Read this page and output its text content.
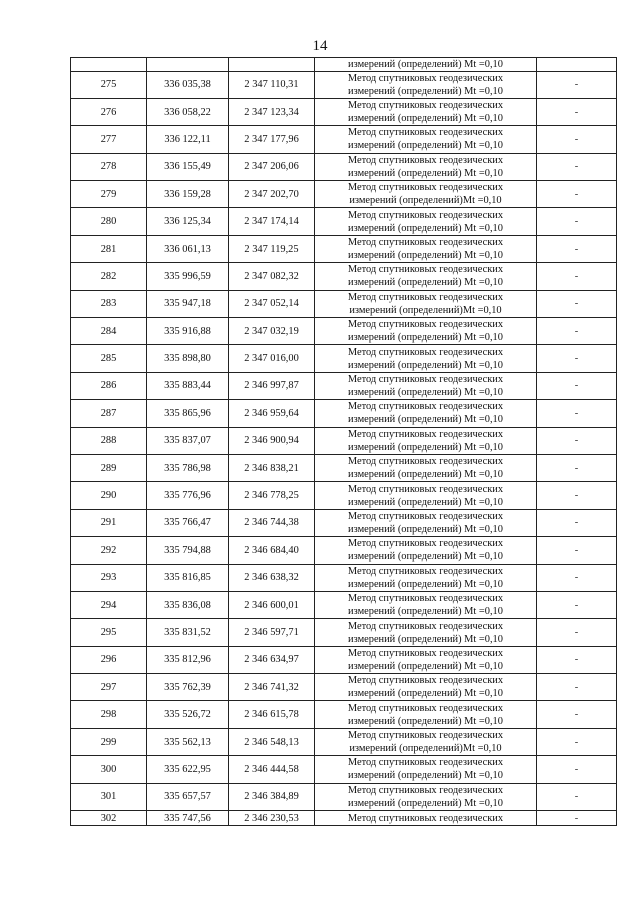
14
			измерений (определений) Mt =0,10	
275	336 035,38	2 347 110,31	Метод спутниковых геодезических
измерений (определений) Mt =0,10	-
276	336 058,22	2 347 123,34	Метод спутниковых геодезических
измерений (определений) Mt =0,10	-
277	336 122,11	2 347 177,96	Метод спутниковых геодезических
измерений (определений) Mt =0,10	-
278	336 155,49	2 347 206,06	Метод спутниковых геодезических
измерений (определений) Mt =0,10	-
279	336 159,28	2 347 202,70	Метод спутниковых геодезических
измерений (определений)Mt =0,10	-
280	336 125,34	2 347 174,14	Метод спутниковых геодезических
измерений (определений) Mt =0,10	-
281	336 061,13	2 347 119,25	Метод спутниковых геодезических
измерений (определений) Mt =0,10	-
282	335 996,59	2 347 082,32	Метод спутниковых геодезических
измерений (определений) Mt =0,10	-
283	335 947,18	2 347 052,14	Метод спутниковых геодезических
измерений (определений)Mt =0,10	-
284	335 916,88	2 347 032,19	Метод спутниковых геодезических
измерений (определений) Mt =0,10	-
285	335 898,80	2 347 016,00	Метод спутниковых геодезических
измерений (определений) Mt =0,10	-
286	335 883,44	2 346 997,87	Метод спутниковых геодезических
измерений (определений) Mt =0,10	-
287	335 865,96	2 346 959,64	Метод спутниковых геодезических
измерений (определений) Mt =0,10	-
288	335 837,07	2 346 900,94	Метод спутниковых геодезических
измерений (определений) Mt =0,10	-
289	335 786,98	2 346 838,21	Метод спутниковых геодезических
измерений (определений) Mt =0,10	-
290	335 776,96	2 346 778,25	Метод спутниковых геодезических
измерений (определений) Mt =0,10	-
291	335 766,47	2 346 744,38	Метод спутниковых геодезических
измерений (определений) Mt =0,10	-
292	335 794,88	2 346 684,40	Метод спутниковых геодезических
измерений (определений) Mt =0,10	-
293	335 816,85	2 346 638,32	Метод спутниковых геодезических
измерений (определений) Mt =0,10	-
294	335 836,08	2 346 600,01	Метод спутниковых геодезических
измерений (определений) Mt =0,10	-
295	335 831,52	2 346 597,71	Метод спутниковых геодезических
измерений (определений) Mt =0,10	-
296	335 812,96	2 346 634,97	Метод спутниковых геодезических
измерений (определений) Mt =0,10	-
297	335 762,39	2 346 741,32	Метод спутниковых геодезических
измерений (определений) Mt =0,10	-
298	335 526,72	2 346 615,78	Метод спутниковых геодезических
измерений (определений) Mt =0,10	-
299	335 562,13	2 346 548,13	Метод спутниковых геодезических
измерений (определений)Mt =0,10	-
300	335 622,95	2 346 444,58	Метод спутниковых геодезических
измерений (определений) Mt =0,10	-
301	335 657,57	2 346 384,89	Метод спутниковых геодезических
измерений (определений) Mt =0,10	-
302	335 747,56	2 346 230,53	Метод спутниковых геодезических	-
